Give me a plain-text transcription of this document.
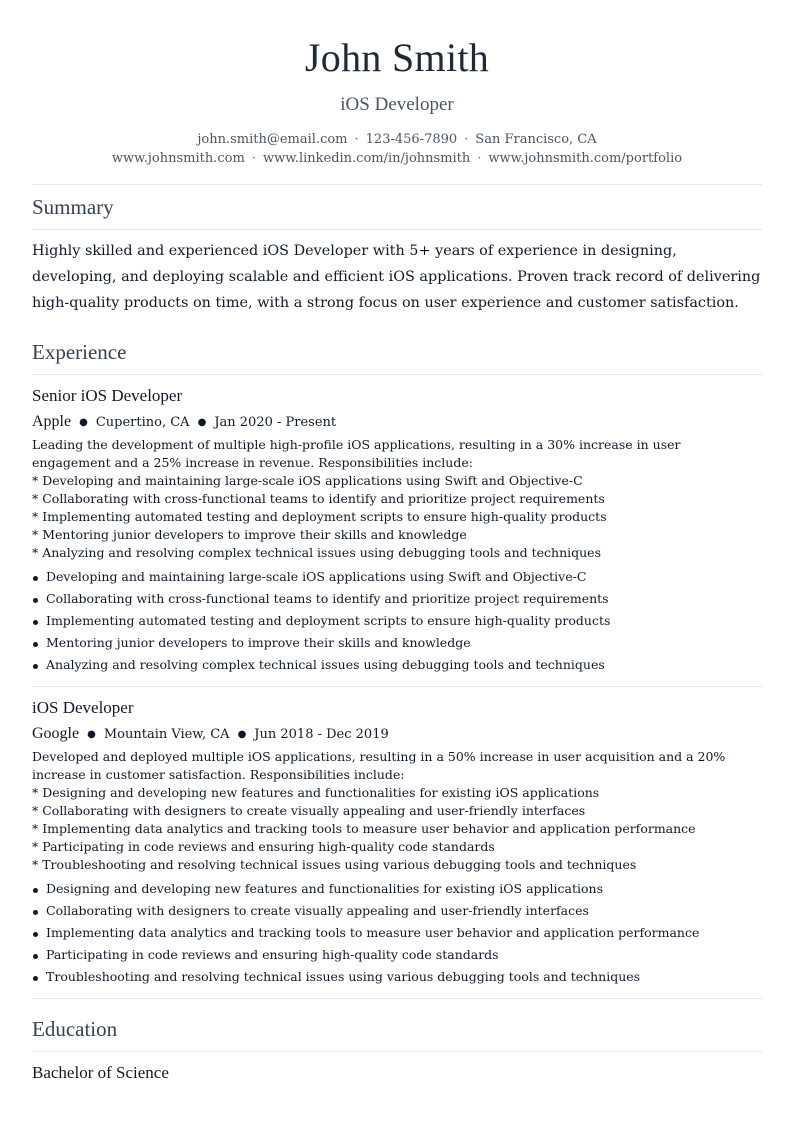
John Smith
iOS Developer
john.smith@email.com · 123-456-7890 · San Francisco, CA
www.johnsmith.com · www.linkedin.com/in/johnsmith · www.johnsmith.com/portfolio
Summary

Highly skilled and experienced iOS Developer with 5+ years of experience in designing, developing, and deploying scalable and efficient iOS applications. Proven track record of delivering high-quality products on time, with a strong focus on user experience and customer satisfaction.

Experience
Senior iOS Developer
Apple ● Cupertino, CA ● Jan 2020 - Present
Leading the development of multiple high-profile iOS applications, resulting in a 30% increase in user engagement and a 25% increase in revenue. Responsibilities include:
* Developing and maintaining large-scale iOS applications using Swift and Objective-C
* Collaborating with cross-functional teams to identify and prioritize project requirements
* Implementing automated testing and deployment scripts to ensure high-quality products
* Mentoring junior developers to improve their skills and knowledge
* Analyzing and resolving complex technical issues using debugging tools and techniques
Developing and maintaining large-scale iOS applications using Swift and Objective-C
Collaborating with cross-functional teams to identify and prioritize project requirements
Implementing automated testing and deployment scripts to ensure high-quality products
Mentoring junior developers to improve their skills and knowledge
Analyzing and resolving complex technical issues using debugging tools and techniques
iOS Developer
Google ● Mountain View, CA ● Jun 2018 - Dec 2019
Developed and deployed multiple iOS applications, resulting in a 50% increase in user acquisition and a 20% increase in customer satisfaction. Responsibilities include:
* Designing and developing new features and functionalities for existing iOS applications
* Collaborating with designers to create visually appealing and user-friendly interfaces
* Implementing data analytics and tracking tools to measure user behavior and application performance
* Participating in code reviews and ensuring high-quality code standards
* Troubleshooting and resolving technical issues using various debugging tools and techniques
Designing and developing new features and functionalities for existing iOS applications
Collaborating with designers to create visually appealing and user-friendly interfaces
Implementing data analytics and tracking tools to measure user behavior and application performance
Participating in code reviews and ensuring high-quality code standards
Troubleshooting and resolving technical issues using various debugging tools and techniques
Education
Bachelor of Science
